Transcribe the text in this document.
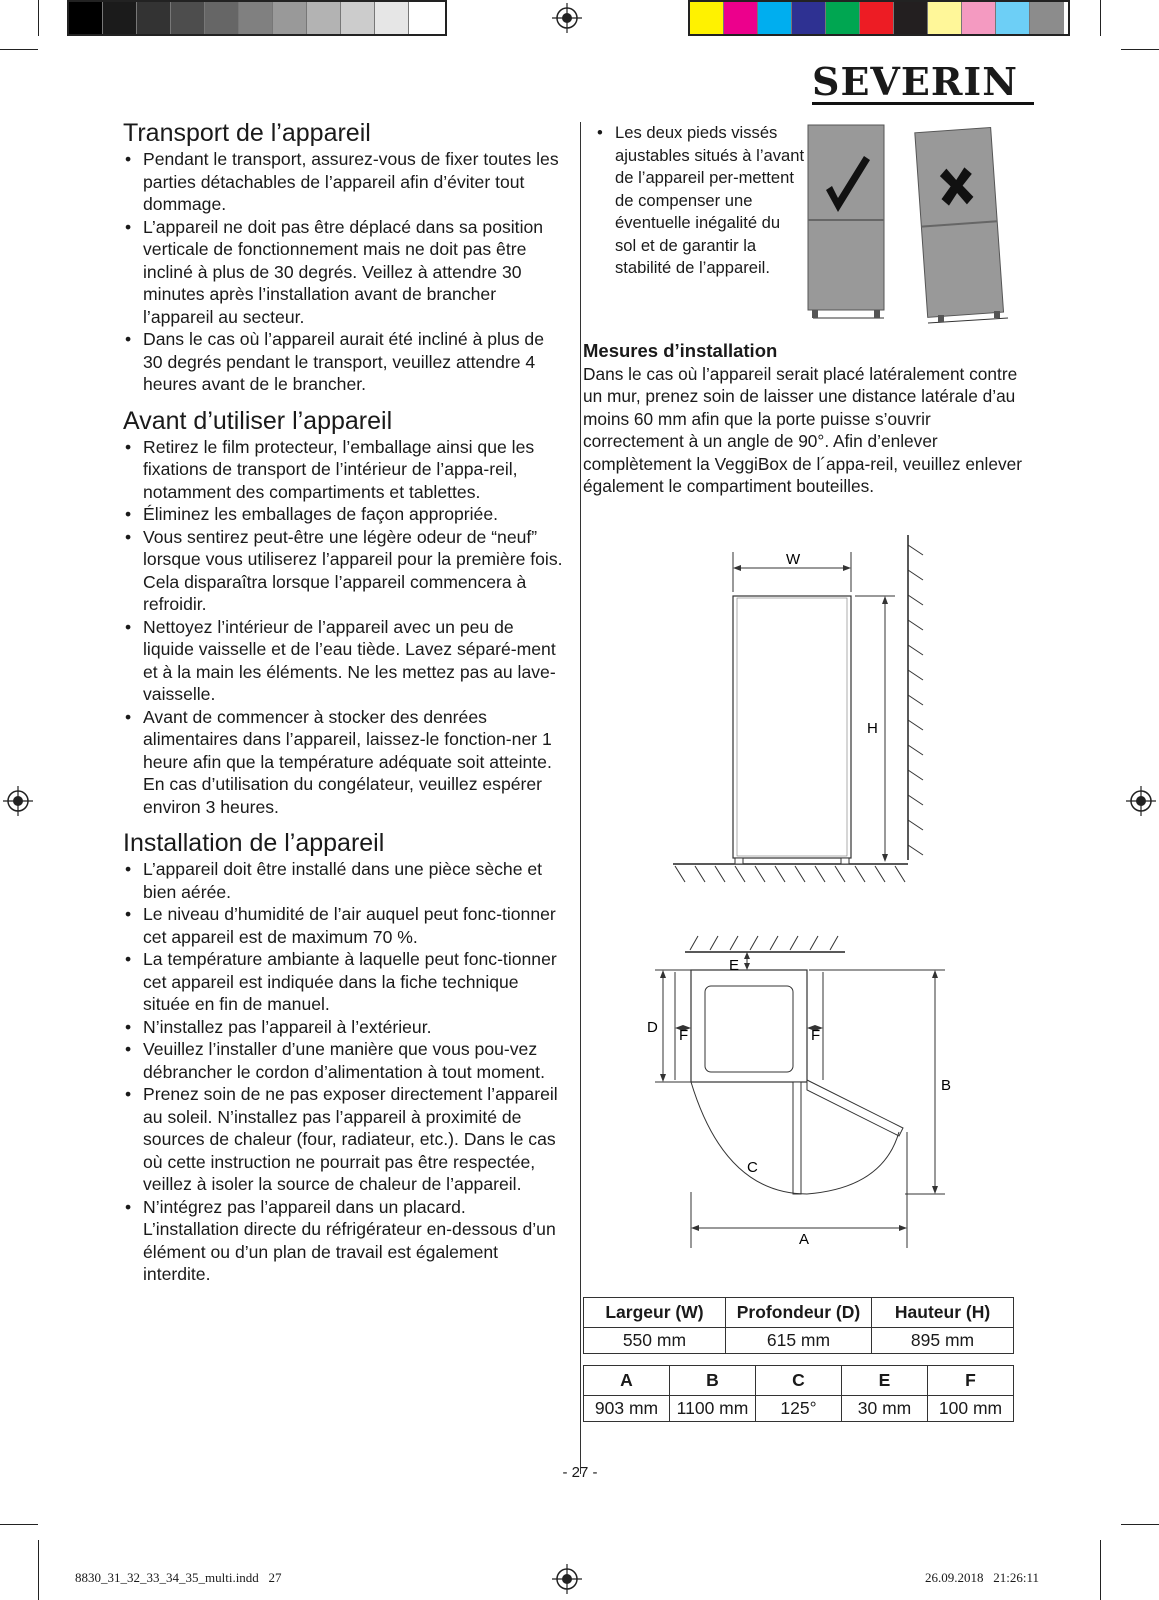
SEVERIN
Transport de l’appareil
• Pendant le transport, assurez-vous de fixer toutes les parties détachables de l’appareil afin d’éviter tout dommage.
• L’appareil ne doit pas être déplacé dans sa position verticale de fonctionnement mais ne doit pas être incliné à plus de 30 degrés. Veillez à attendre 30 minutes après l’installation avant de brancher l’appareil au secteur.
• Dans le cas où l’appareil aurait été incliné à plus de 30 degrés pendant le transport, veuillez attendre 4 heures avant de le brancher.
Avant d’utiliser l’appareil
• Retirez le film protecteur, l’emballage ainsi que les fixations de transport de l’intérieur de l’appa-reil, notamment des compartiments et tablettes.
• Éliminez les emballages de façon appropriée.
• Vous sentirez peut-être une légère odeur de “neuf” lorsque vous utiliserez l’appareil pour la première fois. Cela disparaîtra lorsque l’appareil commencera à refroidir.
• Nettoyez l’intérieur de l’appareil avec un peu de liquide vaisselle et de l’eau tiède. Lavez séparé-ment et à la main les éléments. Ne les mettez pas au lave-vaisselle.
• Avant de commencer à stocker des denrées alimentaires dans l’appareil, laissez-le fonction-ner 1 heure afin que la température adéquate soit atteinte. En cas d’utilisation du congélateur, veuillez espérer environ 3 heures.
Installation de l’appareil
• L’appareil doit être installé dans une pièce sèche et bien aérée.
• Le niveau d’humidité de l’air auquel peut fonc-tionner cet appareil est de maximum 70 %.
• La température ambiante à laquelle peut fonc-tionner cet appareil est indiquée dans la fiche technique située en fin de manuel.
• N’installez pas l’appareil à l’extérieur.
• Veuillez l’installer d’une manière que vous pou-vez débrancher le cordon d’alimentation à tout moment.
• Prenez soin de ne pas exposer directement l’appareil au soleil. N’installez pas l’appareil à proximité de sources de chaleur (four, radiateur, etc.). Dans le cas où cette instruction ne pourrait pas être respectée, veillez à isoler la source de chaleur de l’appareil.
• N’intégrez pas l’appareil dans un placard. L’installation directe du réfrigérateur en-dessous d’un élément ou d’un plan de travail est également interdite.
• Les deux pieds vissés ajustables situés à l’avant de l’appareil per-mettent de compenser une éventuelle inégalité du sol et de garantir la stabilité de l’appareil.
Mesures d’installation
Dans le cas où l’appareil serait placé latéralement contre un mur, prenez soin de laisser une distance latérale d’au moins 60 mm afin que la porte puisse s’ouvrir correctement à un angle de 90°. Afin d’enlever complètement la VeggiBox de l´appa-reil, veuillez enlever également le compartiment bouteilles.
W
H
E
D F	F
B
C
A
Largeur (W)	Profondeur (D)	Hauteur (H)
550 mm	615 mm	895 mm
A	B	C	E	F
903 mm	1100 mm	125°	30 mm	100 mm
- 27 -
8830_31_32_33_34_35_multi.indd   27	26.09.2018   21:26:11
